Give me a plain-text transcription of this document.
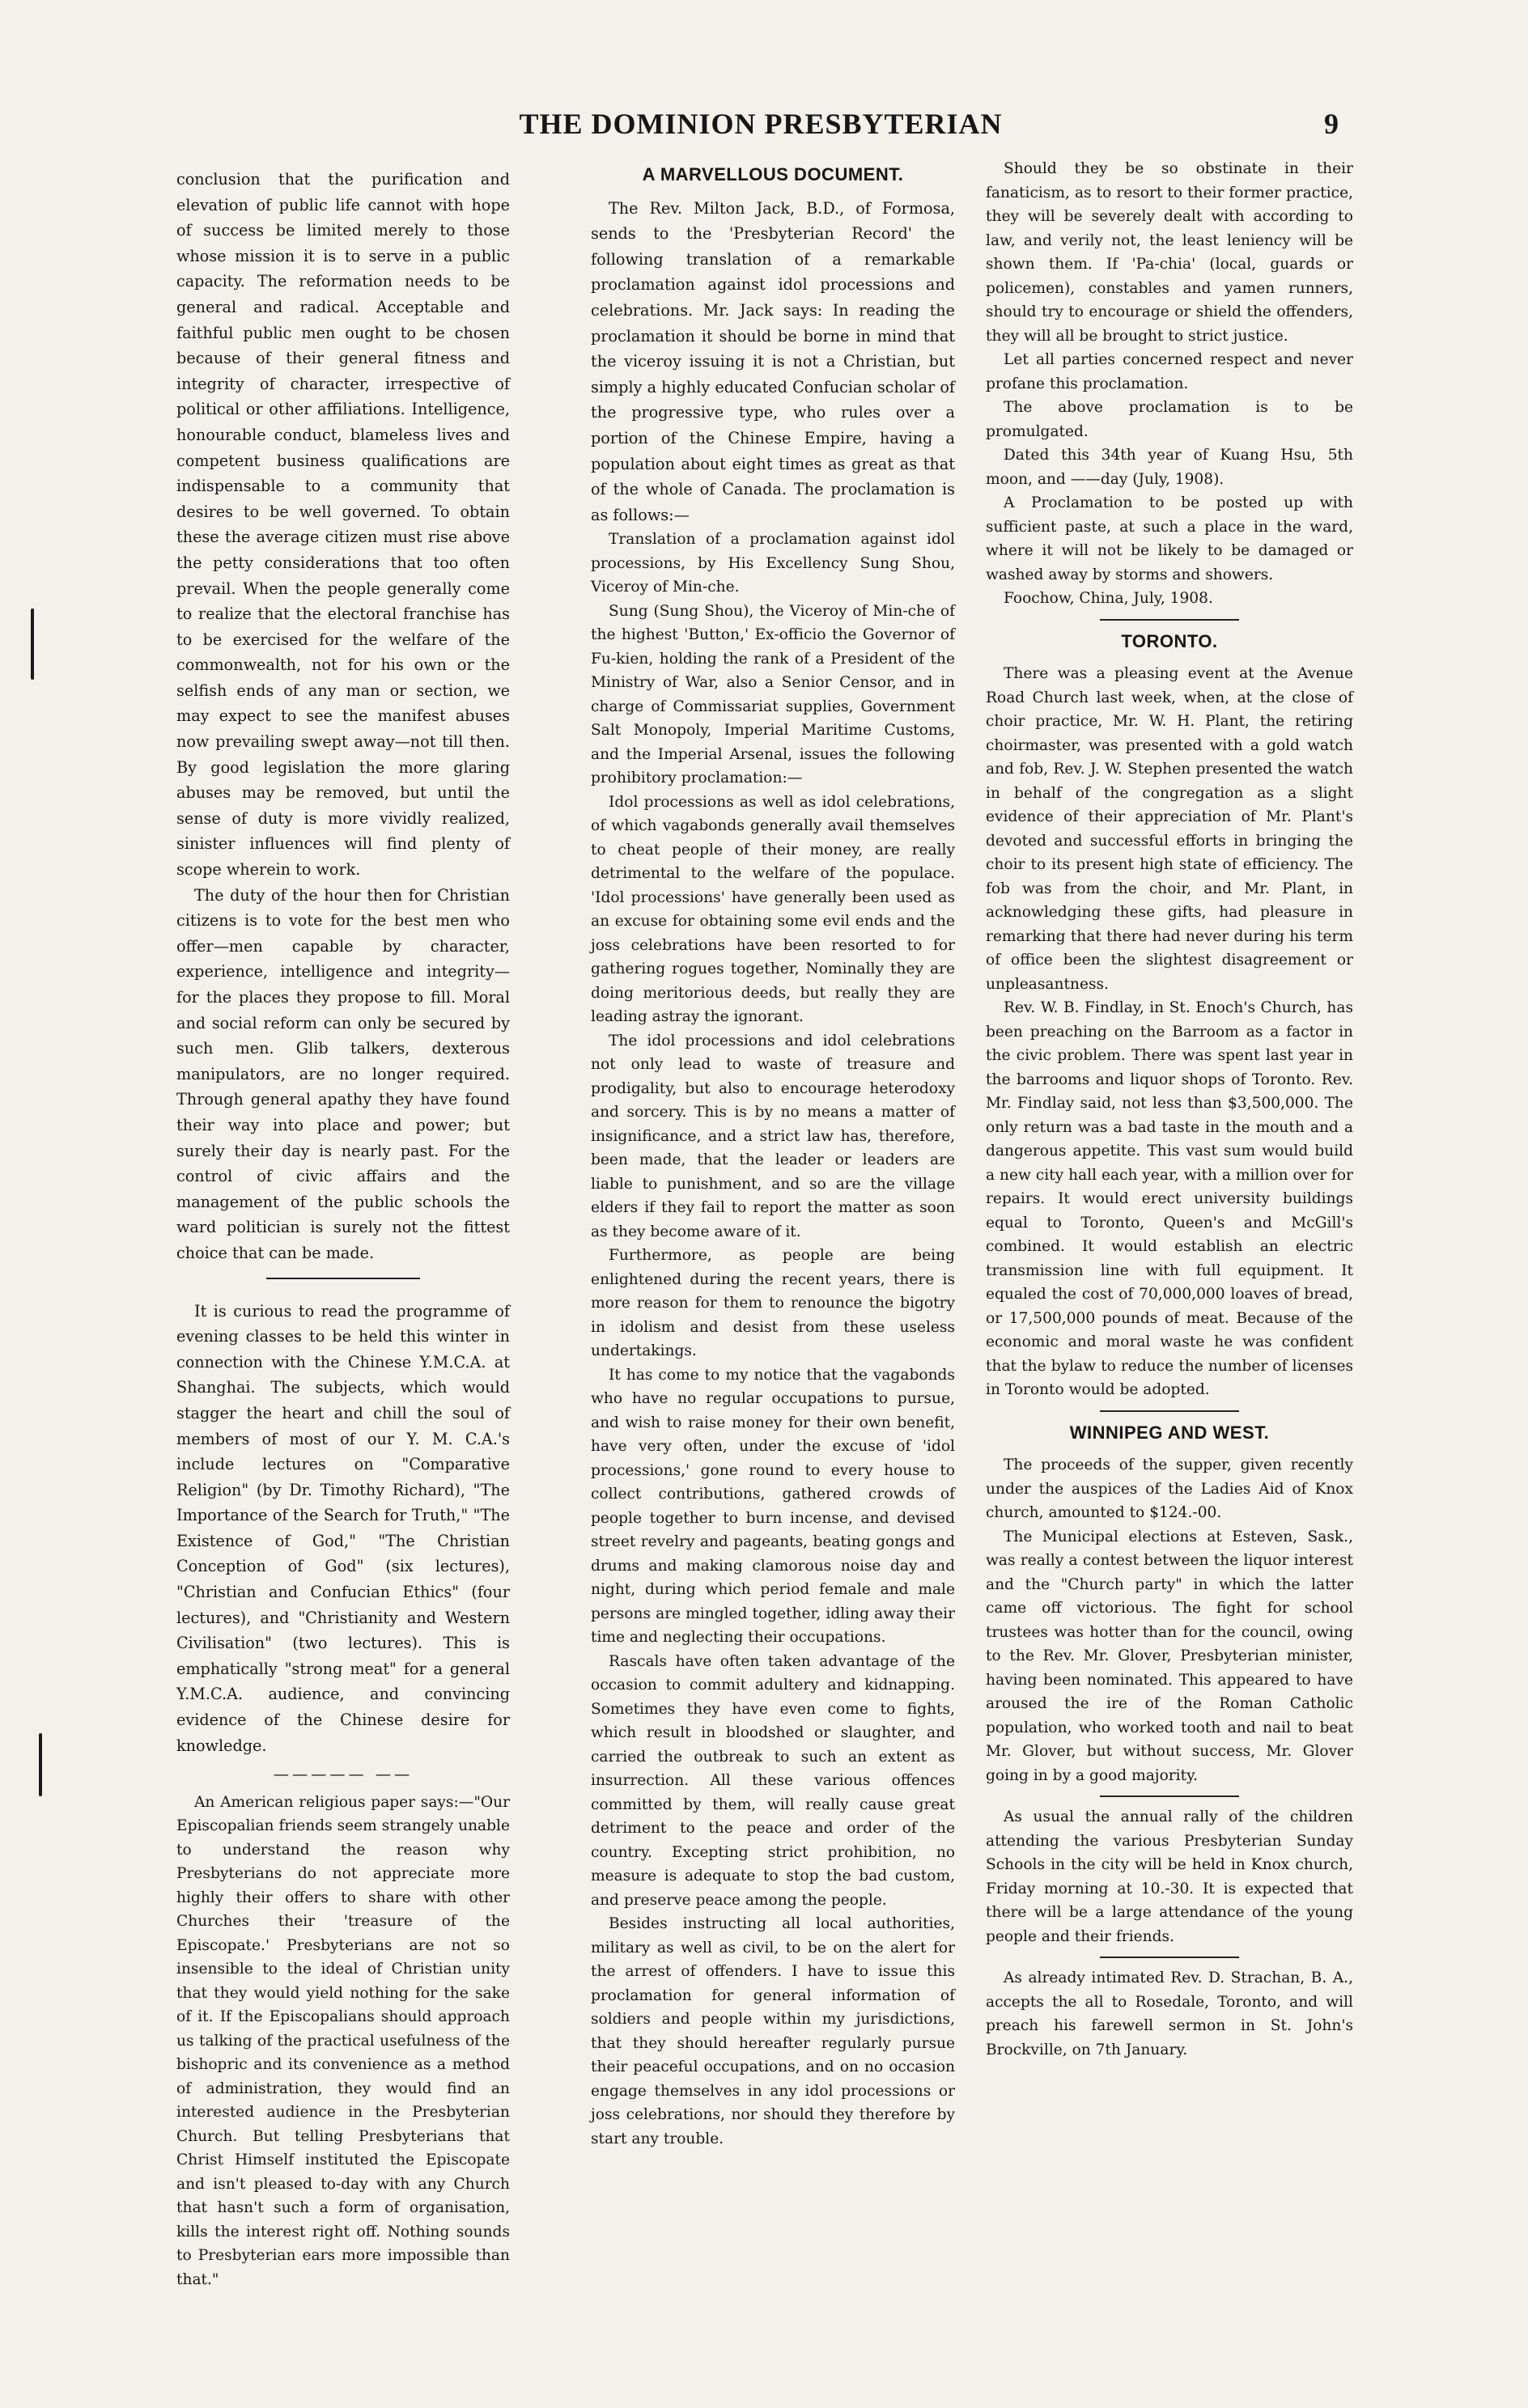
THE DOMINION PRESBYTERIAN	9

conclusion that the purification and elevation of public life cannot with hope of success be limited merely to those whose mission it is to serve in a public capacity. The reformation needs to be general and radical. Acceptable and faithful public men ought to be chosen because of their general fitness and integrity of character, irrespective of political or other affiliations. Intelligence, honourable conduct, blameless lives and competent business qualifications are indispensable to a community that desires to be well governed. To obtain these the average citizen must rise above the petty considerations that too often prevail. When the people generally come to realize that the electoral franchise has to be exercised for the welfare of the commonwealth, not for his own or the selfish ends of any man or section, we may expect to see the manifest abuses now prevailing swept away—not till then. By good legislation the more glaring abuses may be removed, but until the sense of duty is more vividly realized, sinister influences will find plenty of scope wherein to work.

The duty of the hour then for Christian citizens is to vote for the best men who offer—men capable by character, experience, intelligence and integrity—for the places they propose to fill. Moral and social reform can only be secured by such men. Glib talkers, dexterous manipulators, are no longer required. Through general apathy they have found their way into place and power; but surely their day is nearly past. For the control of civic affairs and the management of the public schools the ward politician is surely not the fittest choice that can be made.

It is curious to read the programme of evening classes to be held this winter in connection with the Chinese Y.M.C.A. at Shanghai. The subjects, which would stagger the heart and chill the soul of members of most of our Y. M. C.A.'s include lectures on "Comparative Religion" (by Dr. Timothy Richard), "The Importance of the Search for Truth," "The Existence of God," "The Christian Conception of God" (six lectures), "Christian and Confucian Ethics" (four lectures), and "Christianity and Western Civilisation" (two lectures). This is emphatically "strong meat" for a general Y.M.C.A. audience, and convincing evidence of the Chinese desire for knowledge.

————— ——

An American religious paper says:—"Our Episcopalian friends seem strangely unable to understand the reason why Presbyterians do not appreciate more highly their offers to share with other Churches their 'treasure of the Episcopate.' Presbyterians are not so insensible to the ideal of Christian unity that they would yield nothing for the sake of it. If the Episcopalians should approach us talking of the practical usefulness of the bishopric and its convenience as a method of administration, they would find an interested audience in the Presbyterian Church. But telling Presbyterians that Christ Himself instituted the Episcopate and isn't pleased to-day with any Church that hasn't such a form of organisation, kills the interest right off. Nothing sounds to Presbyterian ears more impossible than that."

A MARVELLOUS DOCUMENT.

The Rev. Milton Jack, B.D., of Formosa, sends to the 'Presbyterian Record' the following translation of a remarkable proclamation against idol processions and celebrations. Mr. Jack says: In reading the proclamation it should be borne in mind that the viceroy issuing it is not a Christian, but simply a highly educated Confucian scholar of the progressive type, who rules over a portion of the Chinese Empire, having a population about eight times as great as that of the whole of Canada. The proclamation is as follows:—

Translation of a proclamation against idol processions, by His Excellency Sung Shou, Viceroy of Min-che.

Sung (Sung Shou), the Viceroy of Min-che of the highest 'Button,' Ex-officio the Governor of Fu-kien, holding the rank of a President of the Ministry of War, also a Senior Censor, and in charge of Commissariat supplies, Government Salt Monopoly, Imperial Maritime Customs, and the Imperial Arsenal, issues the following prohibitory proclamation:—

Idol processions as well as idol celebrations, of which vagabonds generally avail themselves to cheat people of their money, are really detrimental to the welfare of the populace. 'Idol processions' have generally been used as an excuse for obtaining some evil ends and the joss celebrations have been resorted to for gathering rogues together, Nominally they are doing meritorious deeds, but really they are leading astray the ignorant.

The idol processions and idol celebrations not only lead to waste of treasure and prodigality, but also to encourage heterodoxy and sorcery. This is by no means a matter of insignificance, and a strict law has, therefore, been made, that the leader or leaders are liable to punishment, and so are the village elders if they fail to report the matter as soon as they become aware of it.

Furthermore, as people are being enlightened during the recent years, there is more reason for them to renounce the bigotry in idolism and desist from these useless undertakings.

It has come to my notice that the vagabonds who have no regular occupations to pursue, and wish to raise money for their own benefit, have very often, under the excuse of 'idol processions,' gone round to every house to collect contributions, gathered crowds of people together to burn incense, and devised street revelry and pageants, beating gongs and drums and making clamorous noise day and night, during which period female and male persons are mingled together, idling away their time and neglecting their occupations.

Rascals have often taken advantage of the occasion to commit adultery and kidnapping. Sometimes they have even come to fights, which result in bloodshed or slaughter, and carried the outbreak to such an extent as insurrection. All these various offences committed by them, will really cause great detriment to the peace and order of the country. Excepting strict prohibition, no measure is adequate to stop the bad custom, and preserve peace among the people.

Besides instructing all local authorities, military as well as civil, to be on the alert for the arrest of offenders. I have to issue this proclamation for general information of soldiers and people within my jurisdictions, that they should hereafter regularly pursue their peaceful occupations, and on no occasion engage themselves in any idol processions or joss celebrations, nor should they therefore by start any trouble.

Should they be so obstinate in their fanaticism, as to resort to their former practice, they will be severely dealt with according to law, and verily not, the least leniency will be shown them. If 'Pa-chia' (local, guards or policemen), constables and yamen runners, should try to encourage or shield the offenders, they will all be brought to strict justice.

Let all parties concerned respect and never profane this proclamation.

The above proclamation is to be promulgated.

Dated this 34th year of Kuang Hsu, 5th moon, and ——day (July, 1908).

A Proclamation to be posted up with sufficient paste, at such a place in the ward, where it will not be likely to be damaged or washed away by storms and showers.

Foochow, China, July, 1908.

TORONTO.

There was a pleasing event at the Avenue Road Church last week, when, at the close of choir practice, Mr. W. H. Plant, the retiring choirmaster, was presented with a gold watch and fob, Rev. J. W. Stephen presented the watch in behalf of the congregation as a slight evidence of their appreciation of Mr. Plant's devoted and successful efforts in bringing the choir to its present high state of efficiency. The fob was from the choir, and Mr. Plant, in acknowledging these gifts, had pleasure in remarking that there had never during his term of office been the slightest disagreement or unpleasantness.

Rev. W. B. Findlay, in St. Enoch's Church, has been preaching on the Barroom as a factor in the civic problem. There was spent last year in the barrooms and liquor shops of Toronto. Rev. Mr. Findlay said, not less than $3,500,000. The only return was a bad taste in the mouth and a dangerous appetite. This vast sum would build a new city hall each year, with a million over for repairs. It would erect university buildings equal to Toronto, Queen's and McGill's combined. It would establish an electric transmission line with full equipment. It equaled the cost of 70,000,000 loaves of bread, or 17,500,000 pounds of meat. Because of the economic and moral waste he was confident that the bylaw to reduce the number of licenses in Toronto would be adopted.

WINNIPEG AND WEST.

The proceeds of the supper, given recently under the auspices of the Ladies Aid of Knox church, amounted to $124.-00.

The Municipal elections at Esteven, Sask., was really a contest between the liquor interest and the "Church party" in which the latter came off victorious. The fight for school trustees was hotter than for the council, owing to the Rev. Mr. Glover, Presbyterian minister, having been nominated. This appeared to have aroused the ire of the Roman Catholic population, who worked tooth and nail to beat Mr. Glover, but without success, Mr. Glover going in by a good majority.

As usual the annual rally of the children attending the various Presbyterian Sunday Schools in the city will be held in Knox church, Friday morning at 10.-30. It is expected that there will be a large attendance of the young people and their friends.

As already intimated Rev. D. Strachan, B. A., accepts the all to Rosedale, Toronto, and will preach his farewell sermon in St. John's Brockville, on 7th January.
